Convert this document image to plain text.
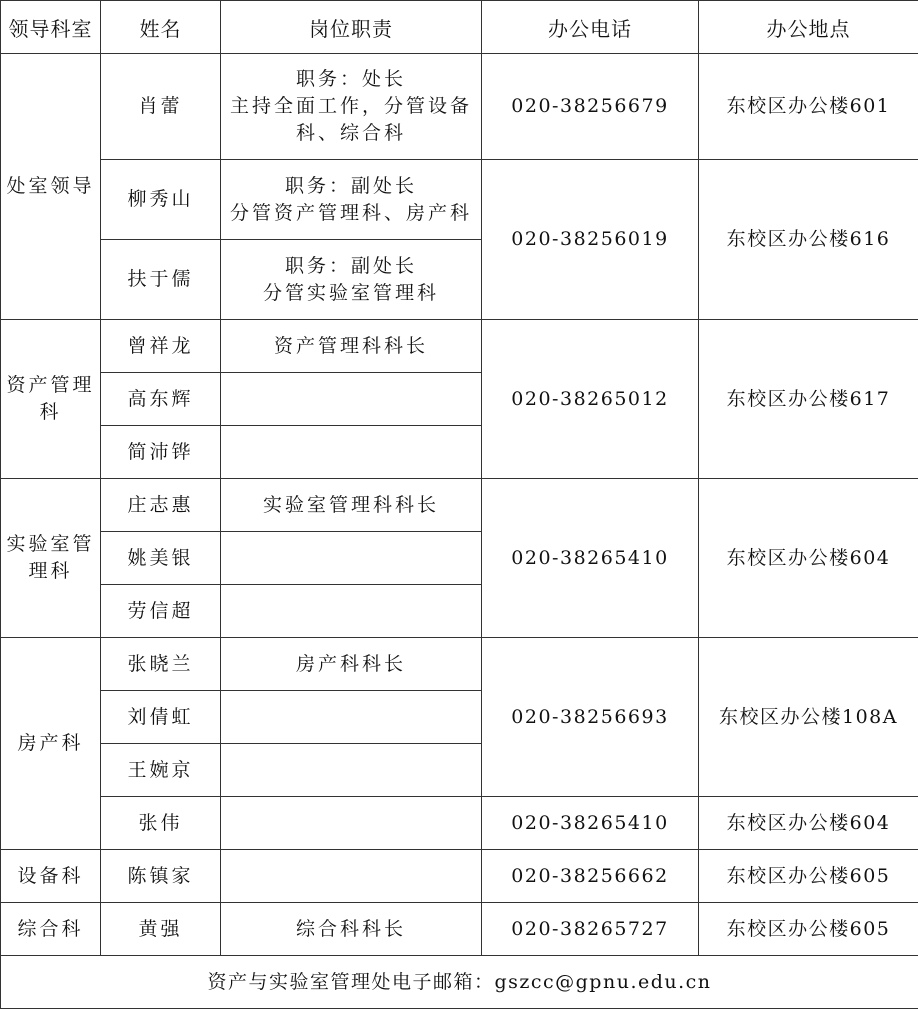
领导科室	姓名	岗位职责	办公电话	办公地点
处室领导	肖蕾	职务：处长
主持全面工作，分管设备
科、综合科	020-38256679	东校区办公楼601
	柳秀山	职务：副处长
分管资产管理科、房产科	020-38256019	东校区办公楼616
	扶于儒	职务：副处长
分管实验室管理科		

资产管理
科	曾祥龙	资产管理科科长	020-38265012	东校区办公楼617
	高东辉			
	简沛铧			

实验室管
理科	庄志惠	实验室管理科科长	020-38265410	东校区办公楼604
	姚美银			
	劳信超			
房产科	张晓兰	房产科科长	020-38256693	东校区办公楼108A
	刘倩虹			
	王婉京			
	张伟		020-38265410	东校区办公楼604
设备科	陈镇家		020-38256662	东校区办公楼605
综合科	黄强	综合科科长	020-38265727	东校区办公楼605
资产与实验室管理处电子邮箱：gszcc@gpnu.edu.cn				
